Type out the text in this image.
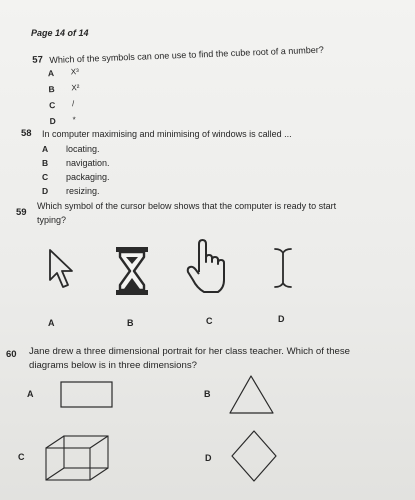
Page 14 of 14
57 Which of the symbols can one use to find the cube root of a number?
A X³
B X²
C /
D *
58 In computer maximising and minimising of windows is called ...
A locating.
B navigation.
C packaging.
D resizing.
59
Which symbol of the cursor below shows that the computer is ready to start
typing?
A	B	C	D
60 Jane drew a three dimensional portrait for her class teacher. Which of these
diagrams below is in three dimensions?
A	B
C	D
